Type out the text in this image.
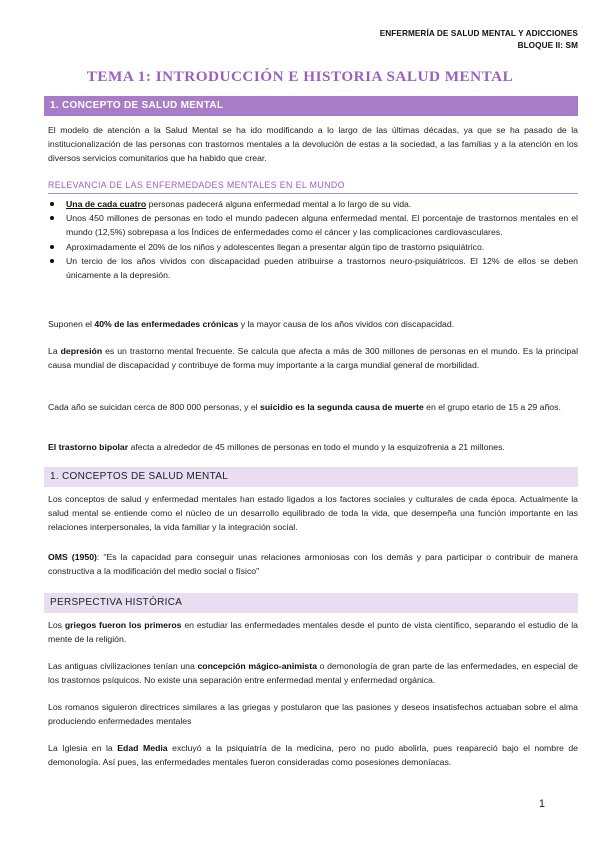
ENFERMERÍA DE SALUD MENTAL Y ADICCIONES
BLOQUE II: SM
TEMA 1: INTRODUCCIÓN E HISTORIA SALUD MENTAL
1. CONCEPTO DE SALUD MENTAL
El modelo de atención a la Salud Mental se ha ido modificando a lo largo de las últimas décadas, ya que se ha pasado de la institucionalización de las personas con trastornos mentales a la devolución de estas a la sociedad, a las familias y a la atención en los diversos servicios comunitarios que ha habido que crear.
RELEVANCIA DE LAS ENFERMEDADES MENTALES EN EL MUNDO
Una de cada cuatro personas padecerá alguna enfermedad mental a lo largo de su vida.
Unos 450 millones de personas en todo el mundo padecen alguna enfermedad mental. El porcentaje de trastornos mentales en el mundo (12,5%) sobrepasa a los Índices de enfermedades como el cáncer y las complicaciones cardiovasculares.
Aproximadamente el 20% de los niños y adolescentes llegan a presentar algún tipo de trastorno psiquiátrico.
Un tercio de los años vividos con discapacidad pueden atribuirse a trastornos neuro-psiquiátricos. El 12% de ellos se deben únicamente a la depresión.
Suponen el 40% de las enfermedades crónicas y la mayor causa de los años vividos con discapacidad.
La depresión es un trastorno mental frecuente. Se calcula que afecta a más de 300 millones de personas en el mundo. Es la principal causa mundial de discapacidad y contribuye de forma muy importante a la carga mundial general de morbilidad.
Cada año se suicidan cerca de 800 000 personas, y el suicidio es la segunda causa de muerte en el grupo etario de 15 a 29 años.
El trastorno bipolar afecta a alrededor de 45 millones de personas en todo el mundo y la esquizofrenia a 21 millones.
1. CONCEPTOS DE SALUD MENTAL
Los conceptos de salud y enfermedad mentales han estado ligados a los factores sociales y culturales de cada época. Actualmente la salud mental se entiende como el núcleo de un desarrollo equilibrado de toda la vida, que desempeña una función importante en las relaciones interpersonales, la vida familiar y la integración social.
OMS (1950): "Es la capacidad para conseguir unas relaciones armoniosas con los demás y para participar o contribuir de manera constructiva a la modificación del medio social o físico"
PERSPECTIVA HISTÓRICA
Los griegos fueron los primeros en estudiar las enfermedades mentales desde el punto de vista científico, separando el estudio de la mente de la religión.
Las antiguas civilizaciones tenían una concepción mágico-animista o demonología de gran parte de las enfermedades, en especial de los trastornos psíquicos. No existe una separación entre enfermedad mental y enfermedad orgánica.
Los romanos siguieron directrices similares a las griegas y postularon que las pasiones y deseos insatisfechos actuaban sobre el alma produciendo enfermedades mentales
La Iglesia en la Edad Media excluyó a la psiquiatría de la medicina, pero no pudo abolirla, pues reapareció bajo el nombre de demonología. Así pues, las enfermedades mentales fueron consideradas como posesiones demoníacas.
1
